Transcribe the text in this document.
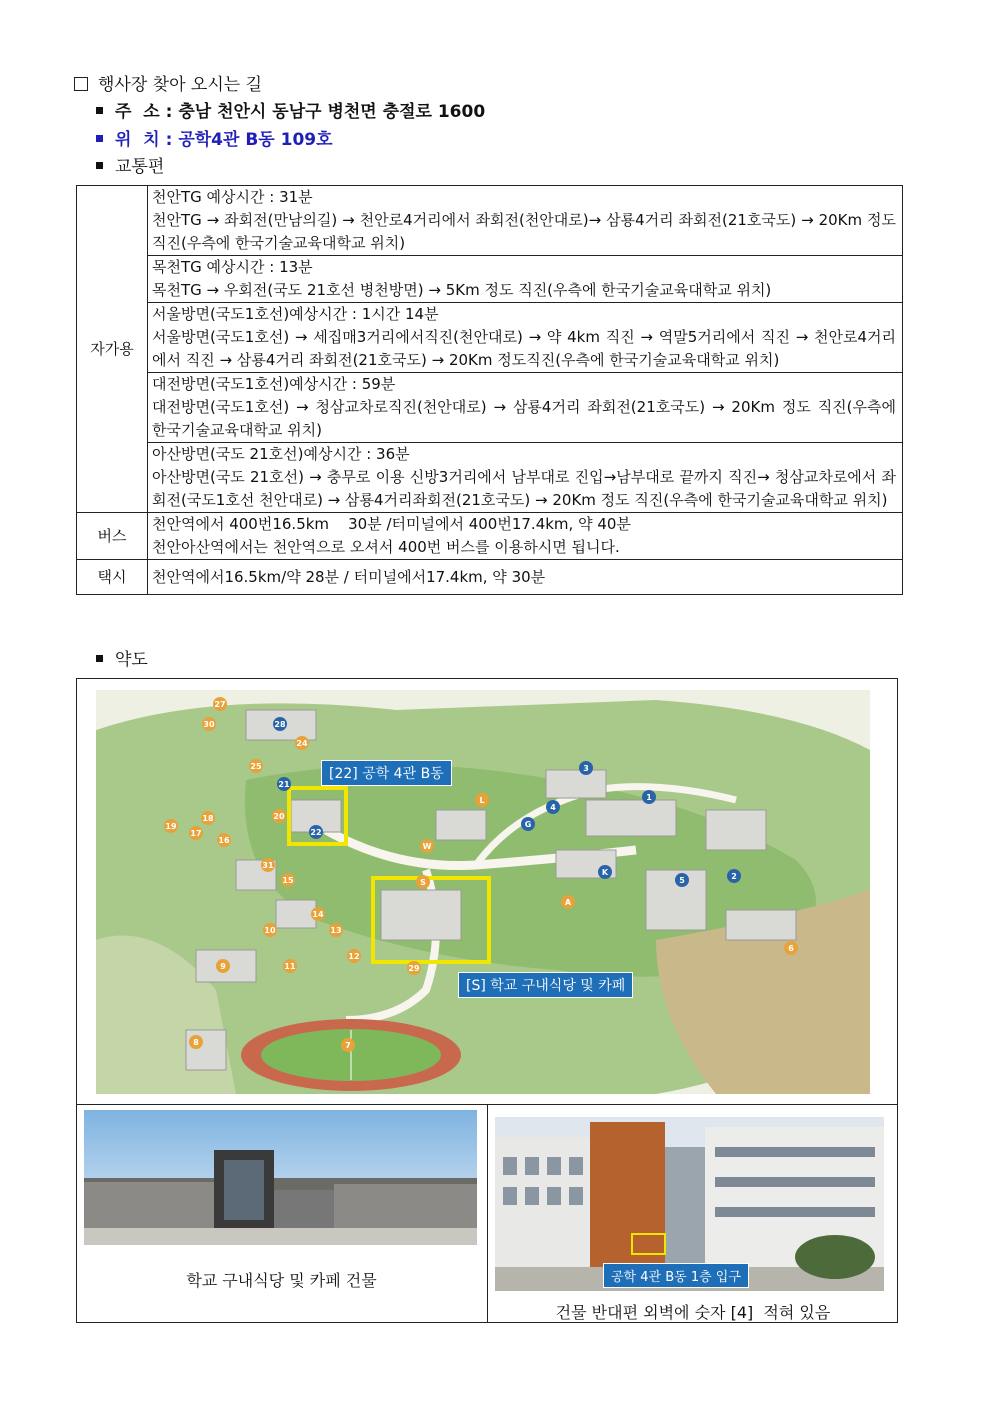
행사장 찾아 오시는 길
주  소 : 충남 천안시 동남구 병천면 충절로 1600
위  치 : 공학4관 B동 109호
교통편
자가용	천안TG 예상시간 : 31분
천안TG → 좌회전(만남의길) → 천안로4거리에서 좌회전(천안대로)→ 삼룡4거리 좌회전(21호국도) → 20Km 정도 직진(우측에 한국기술교육대학교 위치)

	목천TG 예상시간 : 13분
목천TG → 우회전(국도 21호선 병천방면) → 5Km 정도 직진(우측에 한국기술교육대학교 위치)

	서울방면(국도1호선)예상시간 : 1시간 14분
서울방면(국도1호선) → 세집매3거리에서직진(천안대로) → 약 4km 직진 → 역말5거리에서 직진 → 천안로4거리에서 직진 → 삼룡4거리 좌회전(21호국도) → 20Km 정도직진(우측에 한국기술교육대학교 위치)

	대전방면(국도1호선)예상시간 : 59분
대전방면(국도1호선) → 청삼교차로직진(천안대로) → 삼룡4거리 좌회전(21호국도) → 20Km 정도 직진(우측에 한국기술교육대학교 위치)

	아산방면(국도 21호선)예상시간 : 36분
아산방면(국도 21호선) → 충무로 이용 신방3거리에서 남부대로 진입→남부대로 끝까지 직진→ 청삼교차로에서 좌회전(국도1호선 천안대로) → 삼룡4거리좌회전(21호국도) → 20Km 정도 직진(우측에 한국기술교육대학교 위치)

버스	천안역에서 400번16.5km    30분 /터미널에서 400번17.4km, 약 40분
천안아산역에서는 천안역으로 오셔서 400번 버스를 이용하시면 됩니다.

택시	천안역에서16.5km/약 28분 / 터미널에서17.4km, 약 30분
약도
30
27
28
24
25
21
20
22
19
18
17
16
31
15
14
13
10
11
9
12
29
8	7
3
4
G
1
L
W
K
5	2
S
A
6
[22] 공학 4관 B동
[S] 학교 구내식당 및 카페
학교 구내식당 및 카페 건물	공학 4관 B동 1층 입구
건물 반대편 외벽에 숫자 [4]  적혀 있음
